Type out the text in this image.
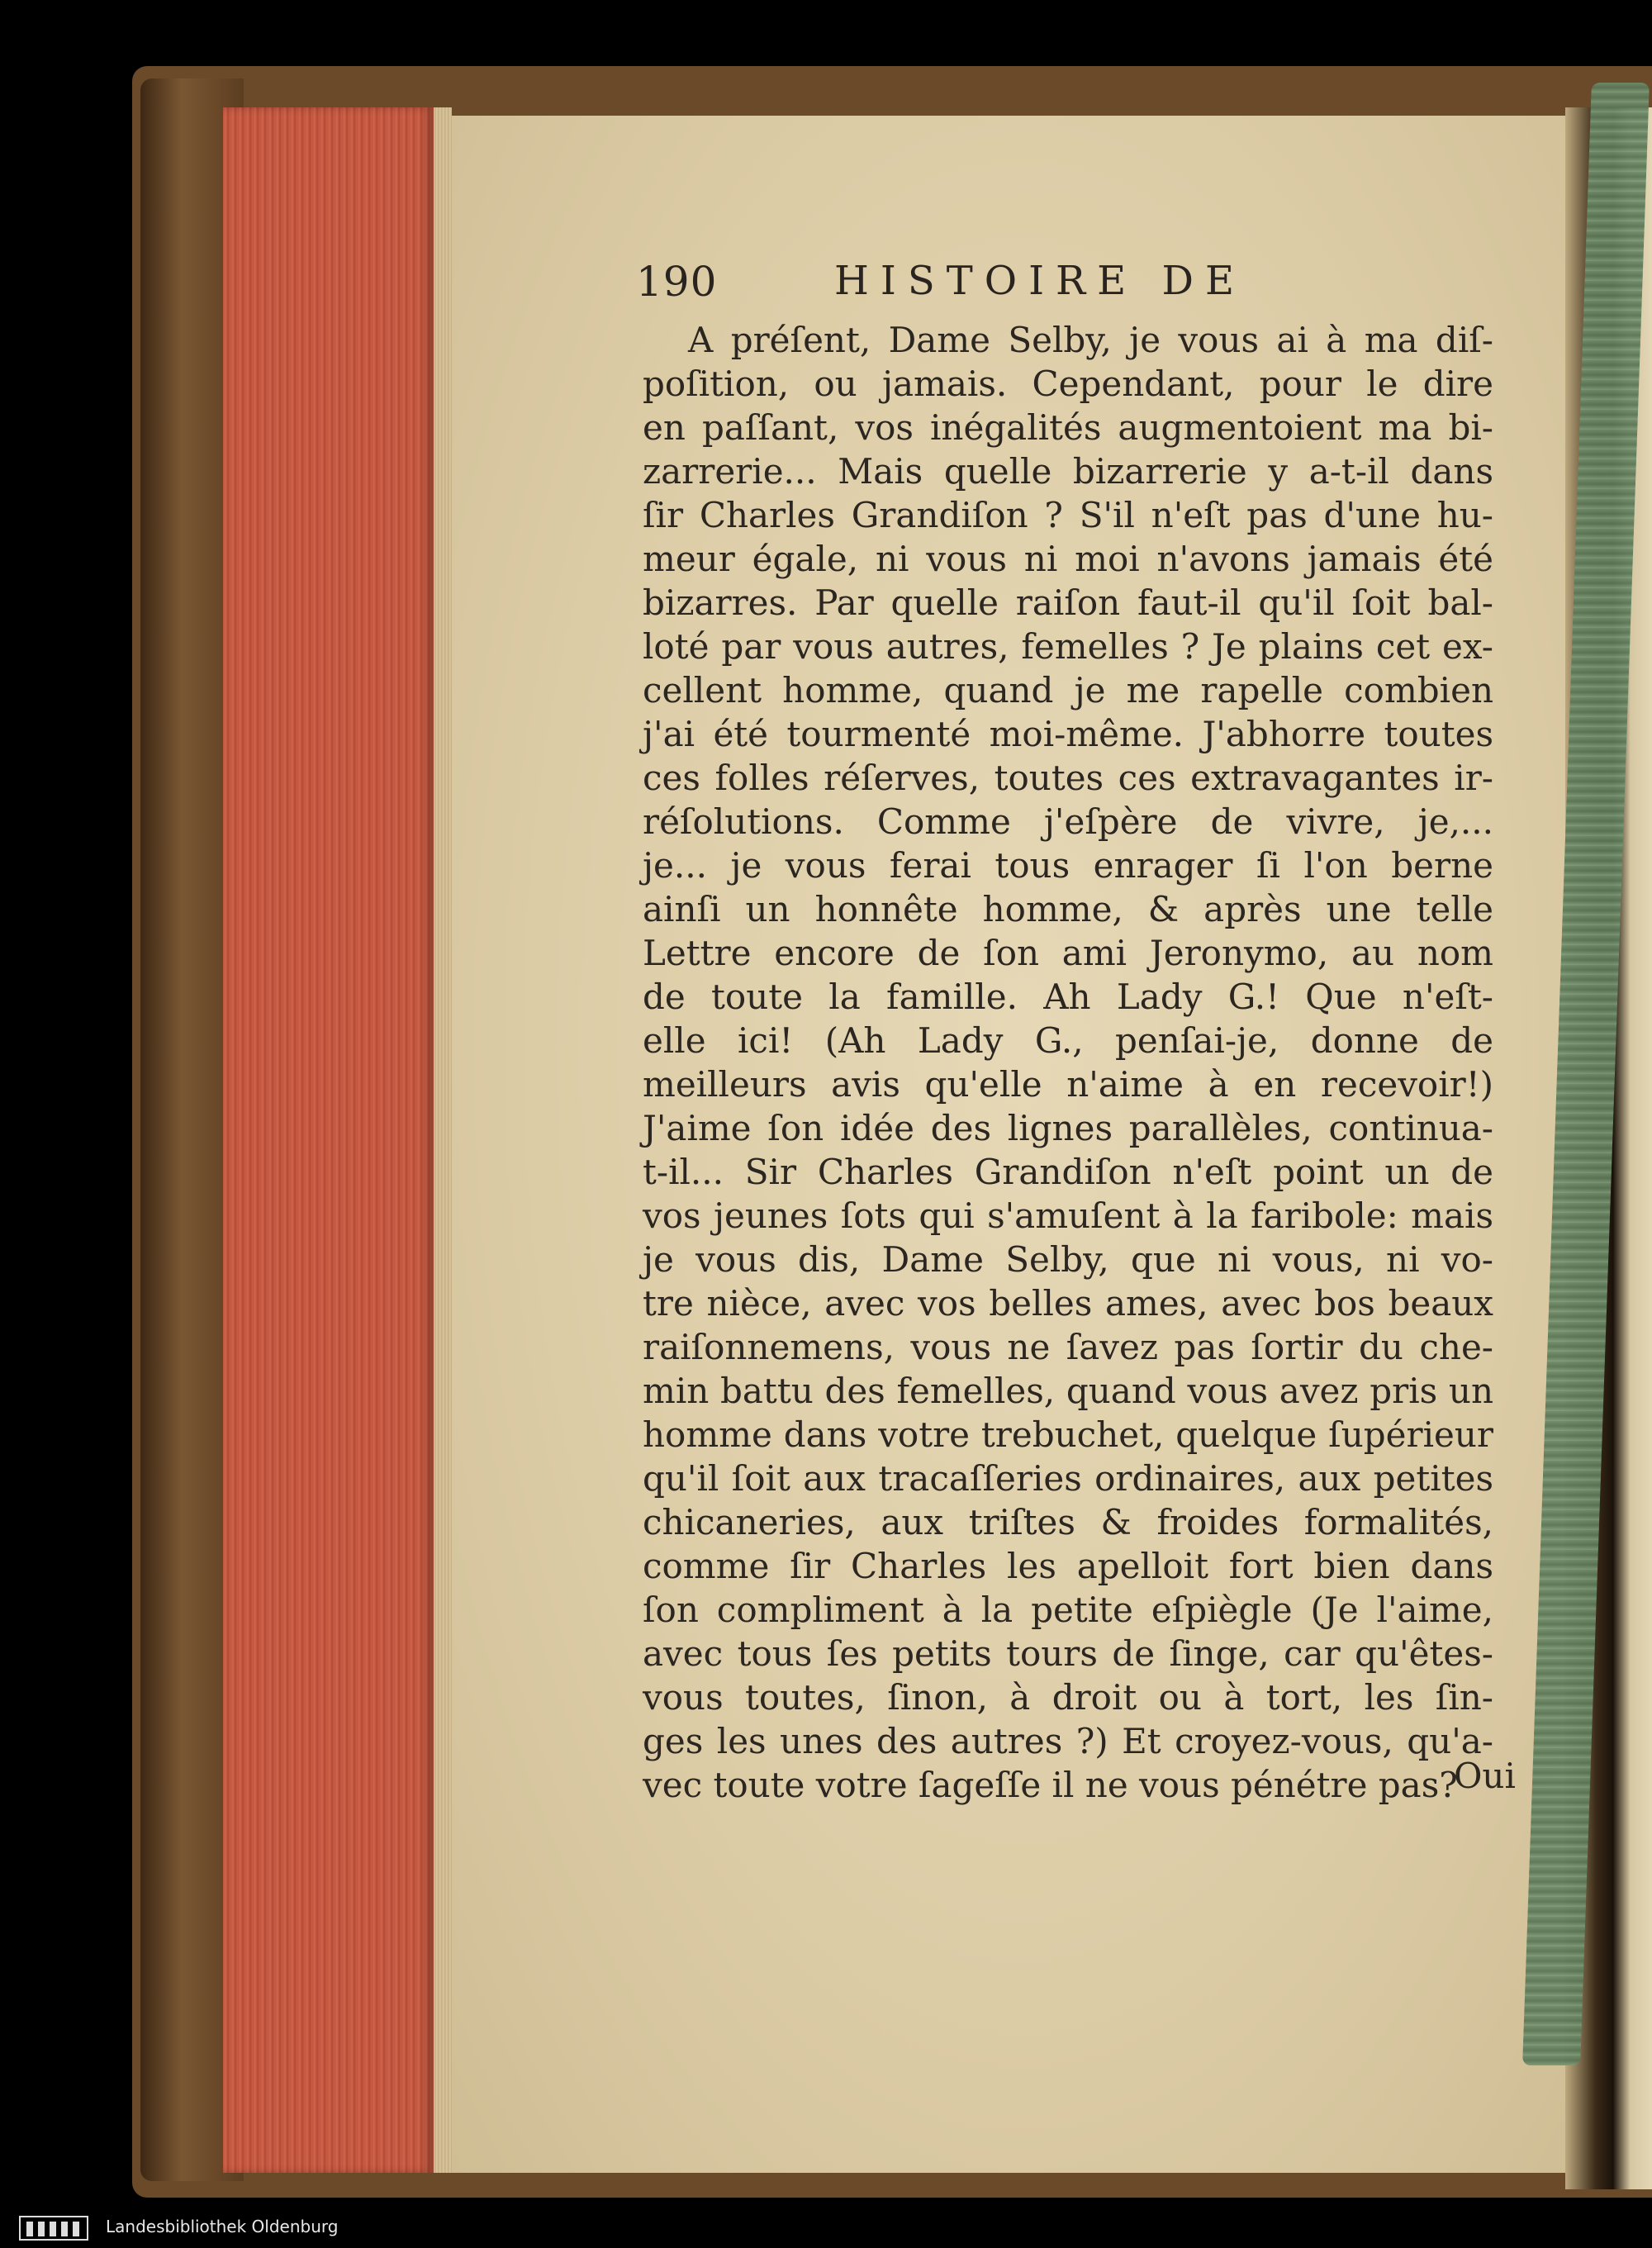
190	HISTOIRE DE
A préſent, Dame Selby, je vous ai à ma diſ-
poſition, ou jamais. Cependant, pour le dire
en paſſant, vos inégalités augmentoient ma bi-
zarrerie... Mais quelle bizarrerie y a-t-il dans
ſir Charles Grandiſon ? S'il n'eſt pas d'une hu-
meur égale, ni vous ni moi n'avons jamais été
bizarres. Par quelle raiſon faut-il qu'il ſoit bal-
loté par vous autres, femelles ? Je plains cet ex-
cellent homme, quand je me rapelle combien
j'ai été tourmenté moi-même. J'abhorre toutes
ces folles réſerves, toutes ces extravagantes ir-
réſolutions. Comme j'eſpère de vivre, je,...
je... je vous ferai tous enrager ſi l'on berne
ainſi un honnête homme, & après une telle
Lettre encore de ſon ami Jeronymo, au nom
de toute la famille. Ah Lady G.! Que n'eſt-
elle ici! (Ah Lady G., penſai-je, donne de
meilleurs avis qu'elle n'aime à en recevoir!)
J'aime ſon idée des lignes parallèles, continua-
t-il... Sir Charles Grandiſon n'eſt point un de
vos jeunes ſots qui s'amuſent à la faribole: mais
je vous dis, Dame Selby, que ni vous, ni vo-
tre nièce, avec vos belles ames, avec bos beaux
raiſonnemens, vous ne ſavez pas ſortir du che-
min battu des femelles, quand vous avez pris un
homme dans votre trebuchet, quelque ſupérieur
qu'il ſoit aux tracaſſeries ordinaires, aux petites
chicaneries, aux triſtes & froides formalités,
comme ſir Charles les apelloit fort bien dans
ſon compliment à la petite eſpiègle (Je l'aime,
avec tous ſes petits tours de ſinge, car qu'êtes-
vous toutes, ſinon, à droit ou à tort, les ſin-
ges les unes des autres ?) Et croyez-vous, qu'a-
vec toute votre ſageſſe il ne vous pénétre pas?
Oui
Landesbibliothek Oldenburg
